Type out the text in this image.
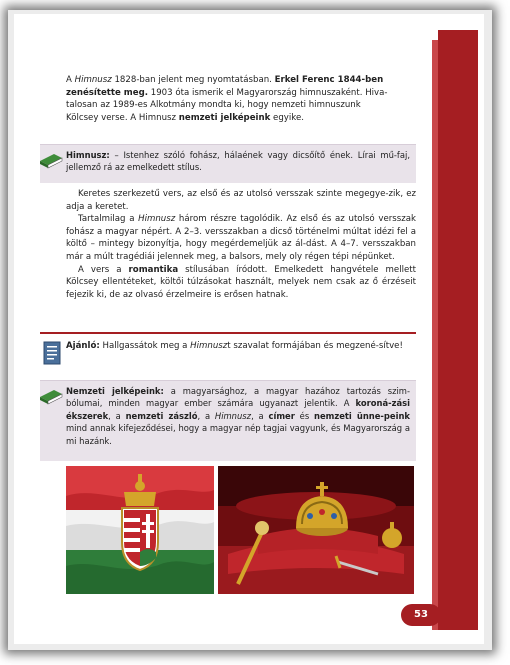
A Himnusz 1828-ban jelent meg nyomtatásban. Erkel Ferenc 1844-ben
zenésítette meg. 1903 óta ismerik el Magyarország himnuszaként. Hiva-
talosan az 1989-es Alkotmány mondta ki, hogy nemzeti himnuszunk
Kölcsey verse. A Himnusz nemzeti jelképeink egyike.
Himnusz: – Istenhez szóló fohász, hálaének vagy dicsőítő ének. Lírai mű-faj, jellemző rá az emelkedett stílus.

Keretes szerkezetű vers, az első és az utolsó versszak szinte megegye-zik, ez adja a keretet.

Tartalmilag a Himnusz három részre tagolódik. Az első és az utolsó versszak fohász a magyar népért. A 2–3. versszakban a dicső történelmi múltat idézi fel a költő – mintegy bizonyítja, hogy megérdemeljük az ál-dást. A 4–7. versszakban már a múlt tragédiái jelennek meg, a balsors, mely oly régen tépi népünket.

A vers a romantika stílusában íródott. Emelkedett hangvétele mellett Kölcsey ellentéteket, költői túlzásokat használt, melyek nem csak az ő érzéseit fejezik ki, de az olvasó érzelmeire is erősen hatnak.

Ajánló: Hallgassátok meg a Himnuszt szavalat formájában és megzené-sítve!
Nemzeti jelképeink: a magyarsághoz, a magyar hazához tartozás szim-bólumai, minden magyar ember számára ugyanazt jelentik. A koroná-zási ékszerek, a nemzeti zászló, a Himnusz, a címer és nemzeti ünne-peink mind annak kifejeződései, hogy a magyar nép tagjai vagyunk, és Magyarország a mi hazánk.
53
